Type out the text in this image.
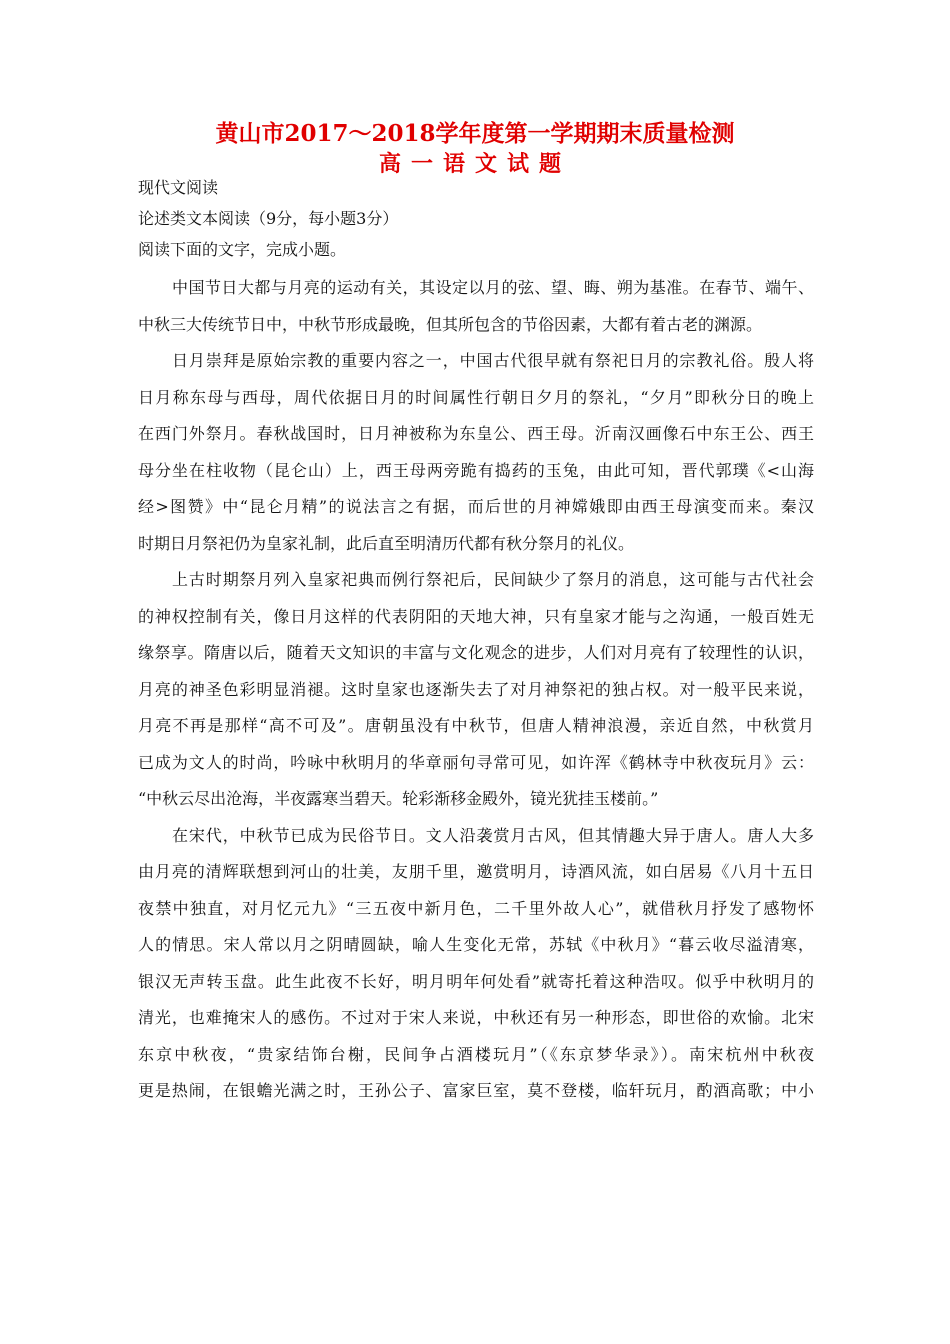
黄山市2017～2018学年度第一学期期末质量检测
高一语文试题
现代文阅读
论述类文本阅读（9分，每小题3分）
阅读下面的文字，完成小题。
中国节日大都与月亮的运动有关，其设定以月的弦、望、晦、朔为基准。在春节、端午、
中秋三大传统节日中，中秋节形成最晚，但其所包含的节俗因素，大都有着古老的渊源。
日月崇拜是原始宗教的重要内容之一，中国古代很早就有祭祀日月的宗教礼俗。殷人将
日月称东母与西母，周代依据日月的时间属性行朝日夕月的祭礼，“夕月”即秋分日的晚上
在西门外祭月。春秋战国时，日月神被称为东皇公、西王母。沂南汉画像石中东王公、西王
母分坐在柱收物（昆仑山）上，西王母两旁跪有捣药的玉兔，由此可知，晋代郭璞《<山海
经>图赞》中“昆仑月精”的说法言之有据，而后世的月神嫦娥即由西王母演变而来。秦汉
时期日月祭祀仍为皇家礼制，此后直至明清历代都有秋分祭月的礼仪。
上古时期祭月列入皇家祀典而例行祭祀后，民间缺少了祭月的消息，这可能与古代社会
的神权控制有关，像日月这样的代表阴阳的天地大神，只有皇家才能与之沟通，一般百姓无
缘祭享。隋唐以后，随着天文知识的丰富与文化观念的进步，人们对月亮有了较理性的认识，
月亮的神圣色彩明显消褪。这时皇家也逐渐失去了对月神祭祀的独占权。对一般平民来说，
月亮不再是那样“高不可及”。唐朝虽没有中秋节，但唐人精神浪漫，亲近自然，中秋赏月
已成为文人的时尚，吟咏中秋明月的华章丽句寻常可见，如许浑《鹤林寺中秋夜玩月》云：
“中秋云尽出沧海，半夜露寒当碧天。轮彩渐移金殿外，镜光犹挂玉楼前。”
在宋代，中秋节已成为民俗节日。文人沿袭赏月古风，但其情趣大异于唐人。唐人大多
由月亮的清辉联想到河山的壮美，友朋千里，邀赏明月，诗酒风流，如白居易《八月十五日
夜禁中独直，对月忆元九》“三五夜中新月色，二千里外故人心”，就借秋月抒发了感物怀
人的情思。宋人常以月之阴晴圆缺，喻人生变化无常，苏轼《中秋月》“暮云收尽溢清寒，
银汉无声转玉盘。此生此夜不长好，明月明年何处看”就寄托着这种浩叹。似乎中秋明月的
清光，也难掩宋人的感伤。不过对于宋人来说，中秋还有另一种形态，即世俗的欢愉。北宋
东京中秋夜，“贵家结饰台榭，民间争占酒楼玩月”（《东京梦华录》）。南宋杭州中秋夜
更是热闹，在银蟾光满之时，王孙公子、富家巨室，莫不登楼，临轩玩月，酌酒高歌；中小
